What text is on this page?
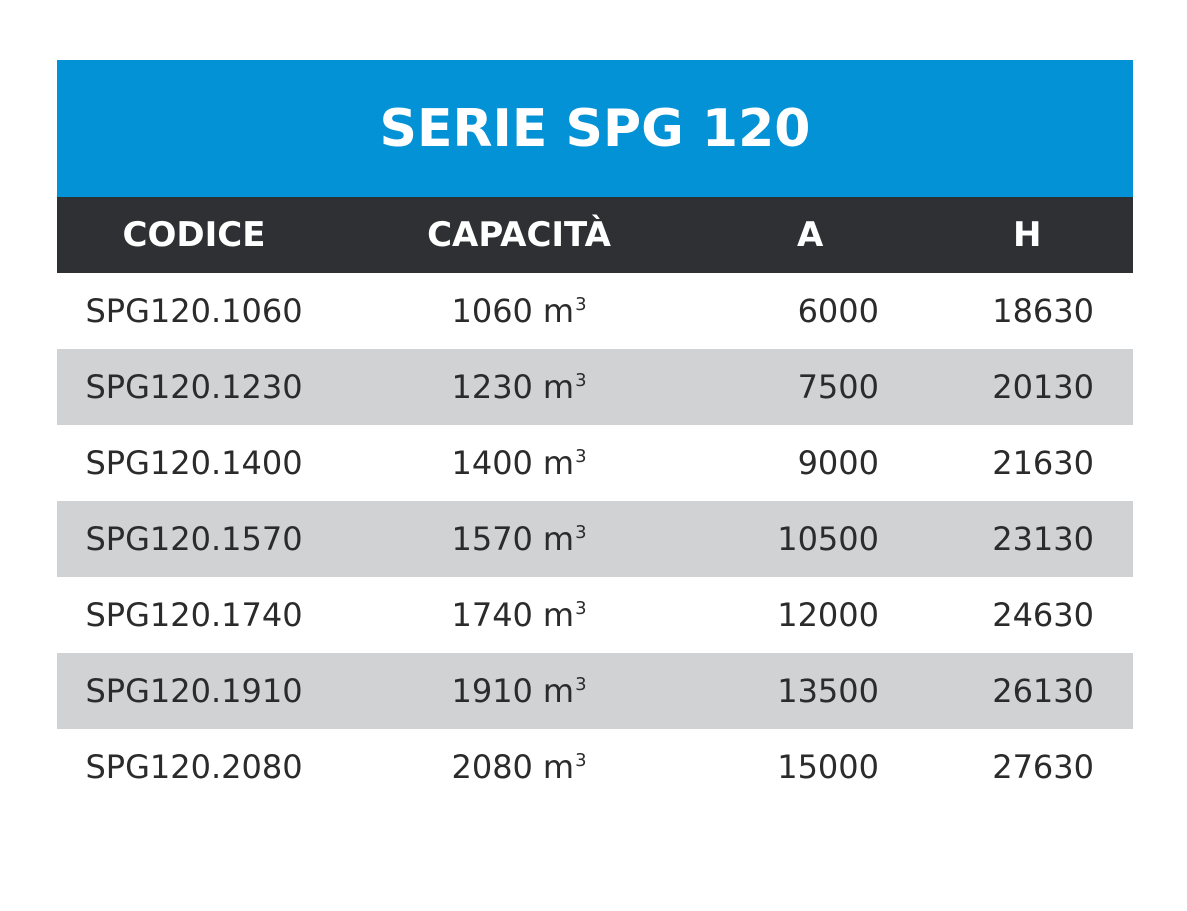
SERIE SPG 120
CODICE	CAPACITÀ	A	H
SPG120.1060	1060 m 3	6000	18630
SPG120.1230	1230 m 3	7500	20130
SPG120.1400	1400 m 3	9000	21630
SPG120.1570	1570 m 3	10500	23130
SPG120.1740	1740 m 3	12000	24630
SPG120.1910	1910 m 3	13500	26130
SPG120.2080	2080 m 3	15000	27630
